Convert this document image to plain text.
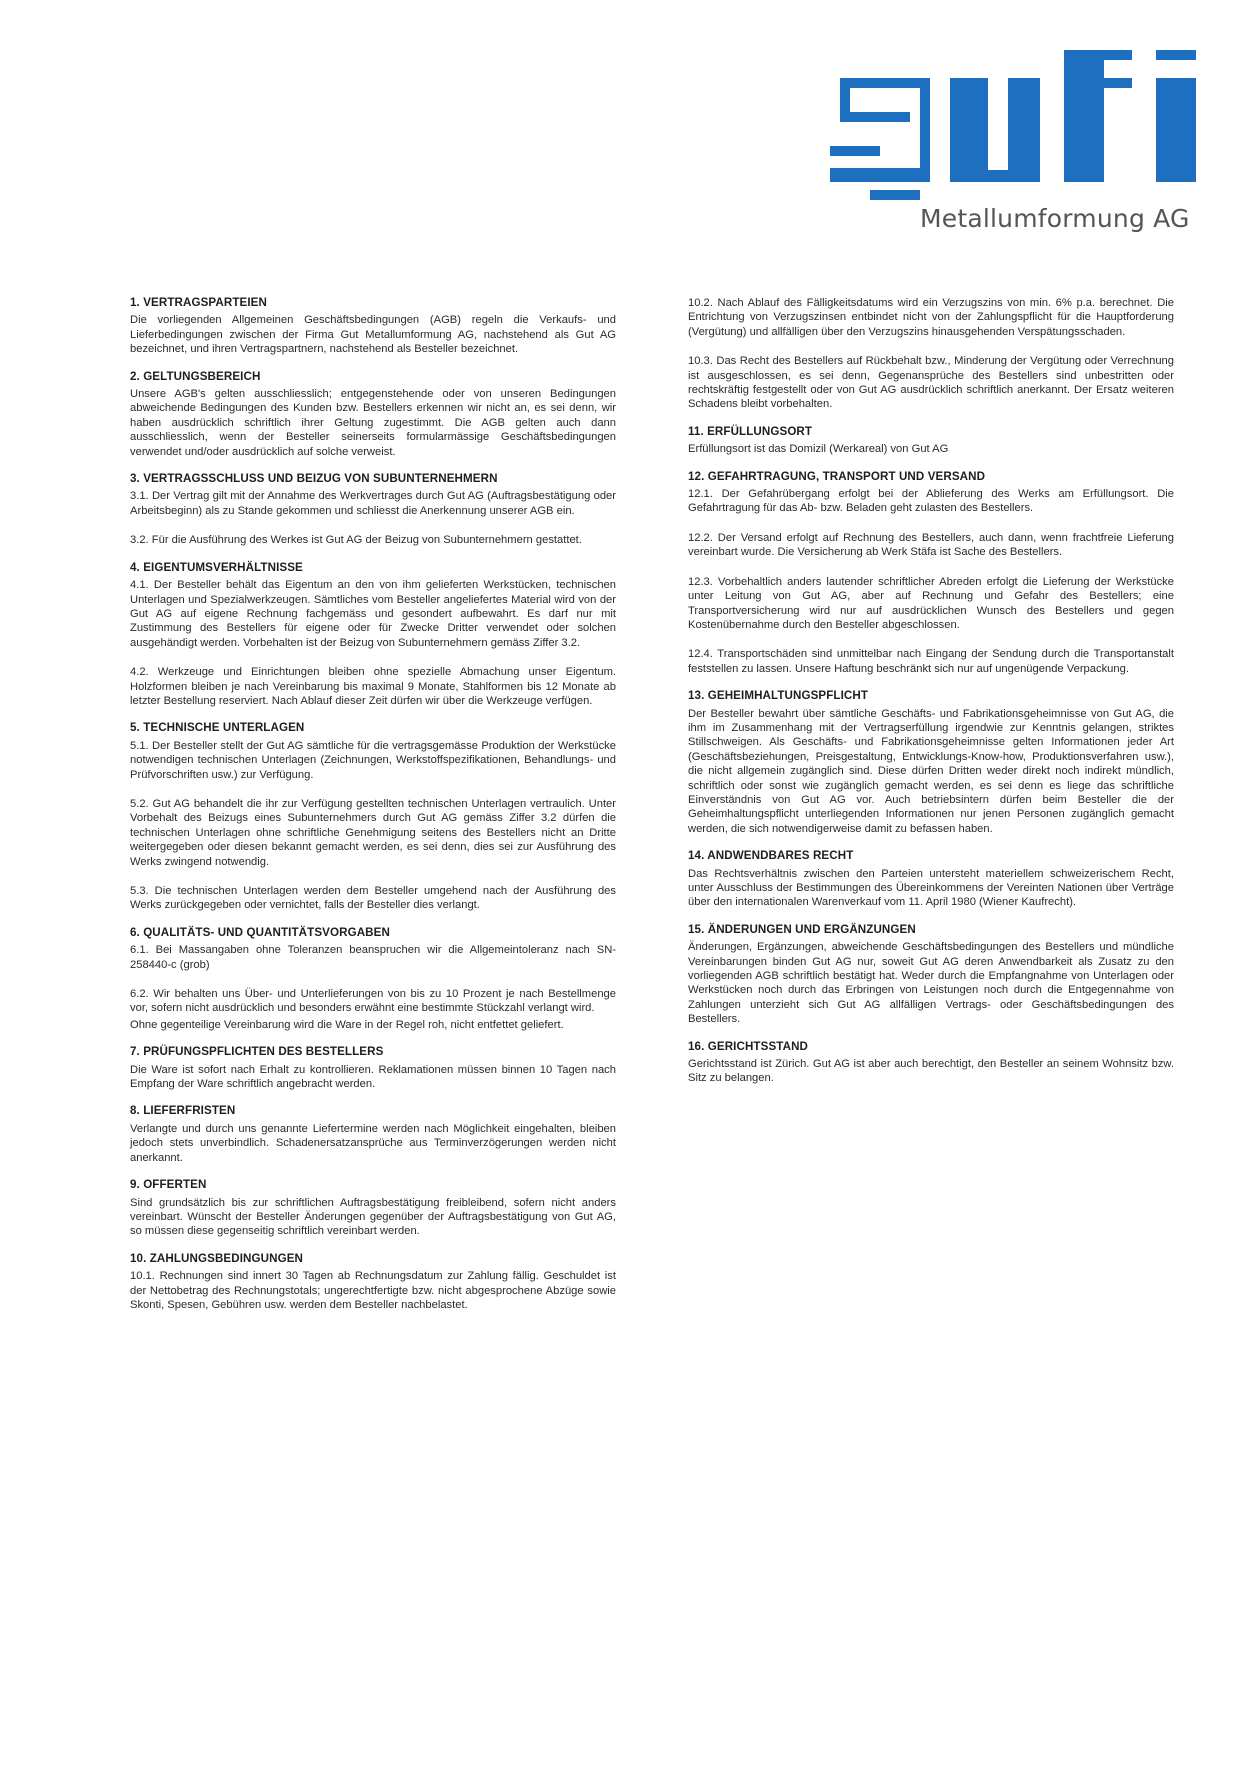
Metallumformung AG
1. VERTRAGSPARTEIEN

Die vorliegenden Allgemeinen Geschäftsbedingungen (AGB) regeln die Verkaufs- und Lieferbedingungen zwischen der Firma Gut Metallumformung AG, nachstehend als Gut AG bezeichnet, und ihren Vertragspartnern, nachstehend als Besteller bezeichnet.

2. GELTUNGSBEREICH

Unsere AGB's gelten ausschliesslich; entgegenstehende oder von unseren Bedingungen abweichende Bedingungen des Kunden bzw. Bestellers erkennen wir nicht an, es sei denn, wir haben ausdrücklich schriftlich ihrer Geltung zugestimmt. Die AGB gelten auch dann ausschliesslich, wenn der Besteller seinerseits formularmässige Geschäftsbedingungen verwendet und/oder ausdrücklich auf solche verweist.

3. VERTRAGSSCHLUSS UND BEIZUG VON SUBUNTERNEHMERN

3.1. Der Vertrag gilt mit der Annahme des Werkvertrages durch Gut AG (Auftragsbestätigung oder Arbeitsbeginn) als zu Stande gekommen und schliesst die Anerkennung unserer AGB ein.

3.2. Für die Ausführung des Werkes ist Gut AG der Beizug von Subunternehmern gestattet.

4. EIGENTUMSVERHÄLTNISSE

4.1. Der Besteller behält das Eigentum an den von ihm gelieferten Werkstücken, technischen Unterlagen und Spezialwerkzeugen. Sämtliches vom Besteller angeliefertes Material wird von der Gut AG auf eigene Rechnung fachgemäss und gesondert aufbewahrt. Es darf nur mit Zustimmung des Bestellers für eigene oder für Zwecke Dritter verwendet oder solchen ausgehändigt werden. Vorbehalten ist der Beizug von Subunternehmern gemäss Ziffer 3.2.

4.2. Werkzeuge und Einrichtungen bleiben ohne spezielle Abmachung unser Eigentum. Holzformen bleiben je nach Vereinbarung bis maximal 9 Monate, Stahlformen bis 12 Monate ab letzter Bestellung reserviert. Nach Ablauf dieser Zeit dürfen wir über die Werkzeuge verfügen.

5. TECHNISCHE UNTERLAGEN

5.1. Der Besteller stellt der Gut AG sämtliche für die vertragsgemässe Produktion der Werkstücke notwendigen technischen Unterlagen (Zeichnungen, Werkstoffspezifikationen, Behandlungs- und Prüfvorschriften usw.) zur Verfügung.

5.2. Gut AG behandelt die ihr zur Verfügung gestellten technischen Unterlagen vertraulich. Unter Vorbehalt des Beizugs eines Subunternehmers durch Gut AG gemäss Ziffer 3.2 dürfen die technischen Unterlagen ohne schriftliche Genehmigung seitens des Bestellers nicht an Dritte weitergegeben oder diesen bekannt gemacht werden, es sei denn, dies sei zur Ausführung des Werks zwingend notwendig.

5.3. Die technischen Unterlagen werden dem Besteller umgehend nach der Ausführung des Werks zurückgegeben oder vernichtet, falls der Besteller dies verlangt.

6. QUALITÄTS- UND QUANTITÄTSVORGABEN

6.1. Bei Massangaben ohne Toleranzen beanspruchen wir die Allgemeintoleranz nach SN-258440-c (grob)

6.2. Wir behalten uns Über- und Unterlieferungen von bis zu 10 Prozent je nach Bestellmenge vor, sofern nicht ausdrücklich und besonders erwähnt eine bestimmte Stückzahl verlangt wird.

Ohne gegenteilige Vereinbarung wird die Ware in der Regel roh, nicht entfettet geliefert.

7. PRÜFUNGSPFLICHTEN DES BESTELLERS

Die Ware ist sofort nach Erhalt zu kontrollieren. Reklamationen müssen binnen 10 Tagen nach Empfang der Ware schriftlich angebracht werden.

8. LIEFERFRISTEN

Verlangte und durch uns genannte Liefertermine werden nach Möglichkeit eingehalten, bleiben jedoch stets unverbindlich. Schadenersatzansprüche aus Terminverzögerungen werden nicht anerkannt.

9. OFFERTEN

Sind grundsätzlich bis zur schriftlichen Auftragsbestätigung freibleibend, sofern nicht anders vereinbart. Wünscht der Besteller Änderungen gegenüber der Auftragsbestätigung von Gut AG, so müssen diese gegenseitig schriftlich vereinbart werden.

10. ZAHLUNGSBEDINGUNGEN

10.1. Rechnungen sind innert 30 Tagen ab Rechnungsdatum zur Zahlung fällig. Geschuldet ist der Nettobetrag des Rechnungstotals; ungerechtfertigte bzw. nicht abgesprochene Abzüge sowie Skonti, Spesen, Gebühren usw. werden dem Besteller nachbelastet.

10.2. Nach Ablauf des Fälligkeitsdatums wird ein Verzugszins von min. 6% p.a. berechnet. Die Entrichtung von Verzugszinsen entbindet nicht von der Zahlungspflicht für die Hauptforderung (Vergütung) und allfälligen über den Verzugszins hinausgehenden Verspätungsschaden.

10.3. Das Recht des Bestellers auf Rückbehalt bzw., Minderung der Vergütung oder Verrechnung ist ausgeschlossen, es sei denn, Gegenansprüche des Bestellers sind unbestritten oder rechtskräftig festgestellt oder von Gut AG ausdrücklich schriftlich anerkannt. Der Ersatz weiteren Schadens bleibt vorbehalten.

11. ERFÜLLUNGSORT

Erfüllungsort ist das Domizil (Werkareal) von Gut AG

12. GEFAHRTRAGUNG, TRANSPORT UND VERSAND

12.1. Der Gefahrübergang erfolgt bei der Ablieferung des Werks am Erfüllungsort. Die Gefahrtragung für das Ab- bzw. Beladen geht zulasten des Bestellers.

12.2. Der Versand erfolgt auf Rechnung des Bestellers, auch dann, wenn frachtfreie Lieferung vereinbart wurde. Die Versicherung ab Werk Stäfa ist Sache des Bestellers.

12.3. Vorbehaltlich anders lautender schriftlicher Abreden erfolgt die Lieferung der Werkstücke unter Leitung von Gut AG, aber auf Rechnung und Gefahr des Bestellers; eine Transportversicherung wird nur auf ausdrücklichen Wunsch des Bestellers und gegen Kostenübernahme durch den Besteller abgeschlossen.

12.4. Transportschäden sind unmittelbar nach Eingang der Sendung durch die Transportanstalt feststellen zu lassen. Unsere Haftung beschränkt sich nur auf ungenügende Verpackung.

13. GEHEIMHALTUNGSPFLICHT

Der Besteller bewahrt über sämtliche Geschäfts- und Fabrikationsgeheimnisse von Gut AG, die ihm im Zusammenhang mit der Vertragserfüllung irgendwie zur Kenntnis gelangen, striktes Stillschweigen. Als Geschäfts- und Fabrikationsgeheimnisse gelten Informationen jeder Art (Geschäftsbeziehungen, Preisgestaltung, Entwicklungs-Know-how, Produktionsverfahren usw.), die nicht allgemein zugänglich sind. Diese dürfen Dritten weder direkt noch indirekt mündlich, schriftlich oder sonst wie zugänglich gemacht werden, es sei denn es liege das schriftliche Einverständnis von Gut AG vor. Auch betriebsintern dürfen beim Besteller die der Geheimhaltungspflicht unterliegenden Informationen nur jenen Personen zugänglich gemacht werden, die sich notwendigerweise damit zu befassen haben.

14. ANDWENDBARES RECHT

Das Rechtsverhältnis zwischen den Parteien untersteht materiellem schweizerischem Recht, unter Ausschluss der Bestimmungen des Übereinkommens der Vereinten Nationen über Verträge über den internationalen Warenverkauf vom 11. April 1980 (Wiener Kaufrecht).

15. ÄNDERUNGEN UND ERGÄNZUNGEN

Änderungen, Ergänzungen, abweichende Geschäftsbedingungen des Bestellers und mündliche Vereinbarungen binden Gut AG nur, soweit Gut AG deren Anwendbarkeit als Zusatz zu den vorliegenden AGB schriftlich bestätigt hat. Weder durch die Empfangnahme von Unterlagen oder Werkstücken noch durch das Erbringen von Leistungen noch durch die Entgegennahme von Zahlungen unterzieht sich Gut AG allfälligen Vertrags- oder Geschäftsbedingungen des Bestellers.

16. GERICHTSSTAND

Gerichtsstand ist Zürich. Gut AG ist aber auch berechtigt, den Besteller an seinem Wohnsitz bzw. Sitz zu belangen.
